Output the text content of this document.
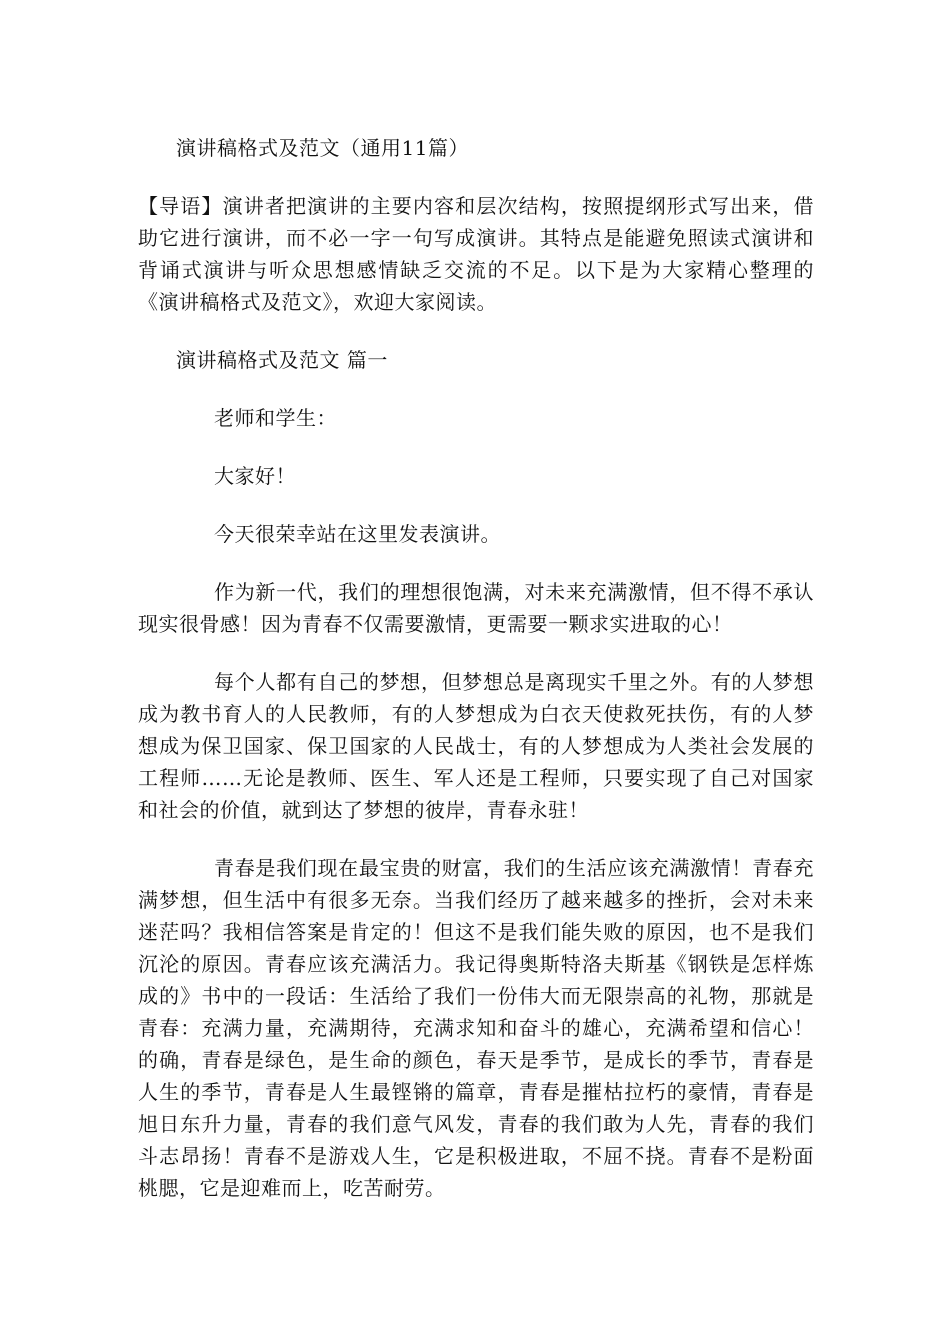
演讲稿格式及范文（通用11篇）

【导语】演讲者把演讲的主要内容和层次结构，按照提纲形式写出来，借助它进行演讲，而不必一字一句写成演讲。其特点是能避免照读式演讲和背诵式演讲与听众思想感情缺乏交流的不足。以下是为大家精心整理的《演讲稿格式及范文》，欢迎大家阅读。

演讲稿格式及范文 篇一

老师和学生：

大家好！

今天很荣幸站在这里发表演讲。

作为新一代，我们的理想很饱满，对未来充满激情，但不得不承认现实很骨感！因为青春不仅需要激情，更需要一颗求实进取的心！

每个人都有自己的梦想，但梦想总是离现实千里之外。有的人梦想成为教书育人的人民教师，有的人梦想成为白衣天使救死扶伤，有的人梦想成为保卫国家、保卫国家的人民战士，有的人梦想成为人类社会发展的工程师……无论是教师、医生、军人还是工程师，只要实现了自己对国家和社会的价值，就到达了梦想的彼岸，青春永驻！

青春是我们现在最宝贵的财富，我们的生活应该充满激情！青春充满梦想，但生活中有很多无奈。当我们经历了越来越多的挫折，会对未来迷茫吗？我相信答案是肯定的！但这不是我们能失败的原因，也不是我们沉沦的原因。青春应该充满活力。我记得奥斯特洛夫斯基《钢铁是怎样炼成的》书中的一段话：生活给了我们一份伟大而无限崇高的礼物，那就是青春：充满力量，充满期待，充满求知和奋斗的雄心，充满希望和信心！的确，青春是绿色，是生命的颜色，春天是季节，是成长的季节，青春是人生的季节，青春是人生最铿锵的篇章，青春是摧枯拉朽的豪情，青春是旭日东升力量，青春的我们意气风发，青春的我们敢为人先，青春的我们斗志昂扬！青春不是游戏人生，它是积极进取，不屈不挠。青春不是粉面桃腮，它是迎难而上，吃苦耐劳。
